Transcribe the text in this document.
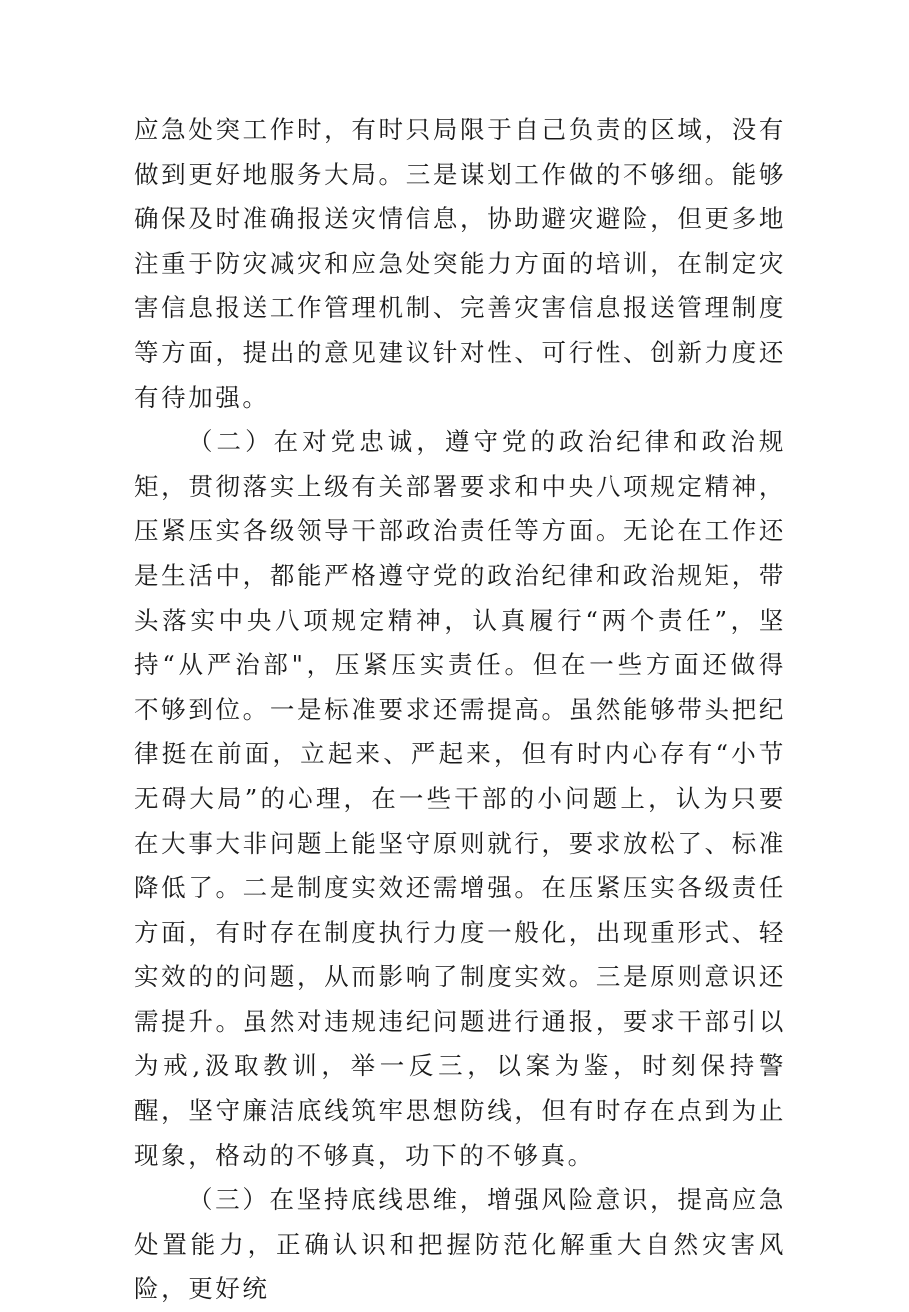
应急处突工作时，有时只局限于自己负责的区域，没有做到更好地服务大局。三是谋划工作做的不够细。能够确保及时准确报送灾情信息，协助避灾避险，但更多地注重于防灾减灾和应急处突能力方面的培训，在制定灾害信息报送工作管理机制、完善灾害信息报送管理制度等方面，提出的意见建议针对性、可行性、创新力度还有待加强。

（二）在对党忠诚，遵守党的政治纪律和政治规矩，贯彻落实上级有关部署要求和中央八项规定精神，压紧压实各级领导干部政治责任等方面。无论在工作还是生活中，都能严格遵守党的政治纪律和政治规矩，带头落实中央八项规定精神，认真履行“两个责任”，坚持“从严治部"，压紧压实责任。但在一些方面还做得不够到位。一是标准要求还需提高。虽然能够带头把纪律挺在前面，立起来、严起来，但有时内心存有“小节无碍大局”的心理，在一些干部的小问题上，认为只要在大事大非问题上能坚守原则就行，要求放松了、标准降低了。二是制度实效还需增强。在压紧压实各级责任方面，有时存在制度执行力度一般化，出现重形式、轻实效的的问题，从而影响了制度实效。三是原则意识还需提升。虽然对违规违纪问题进行通报，要求干部引以为戒,汲取教训，举一反三，以案为鉴，时刻保持警醒，坚守廉洁底线筑牢思想防线，但有时存在点到为止现象，格动的不够真，功下的不够真。

（三）在坚持底线思维，增强风险意识，提高应急处置能力，正确认识和把握防范化解重大自然灾害风险，更好统
